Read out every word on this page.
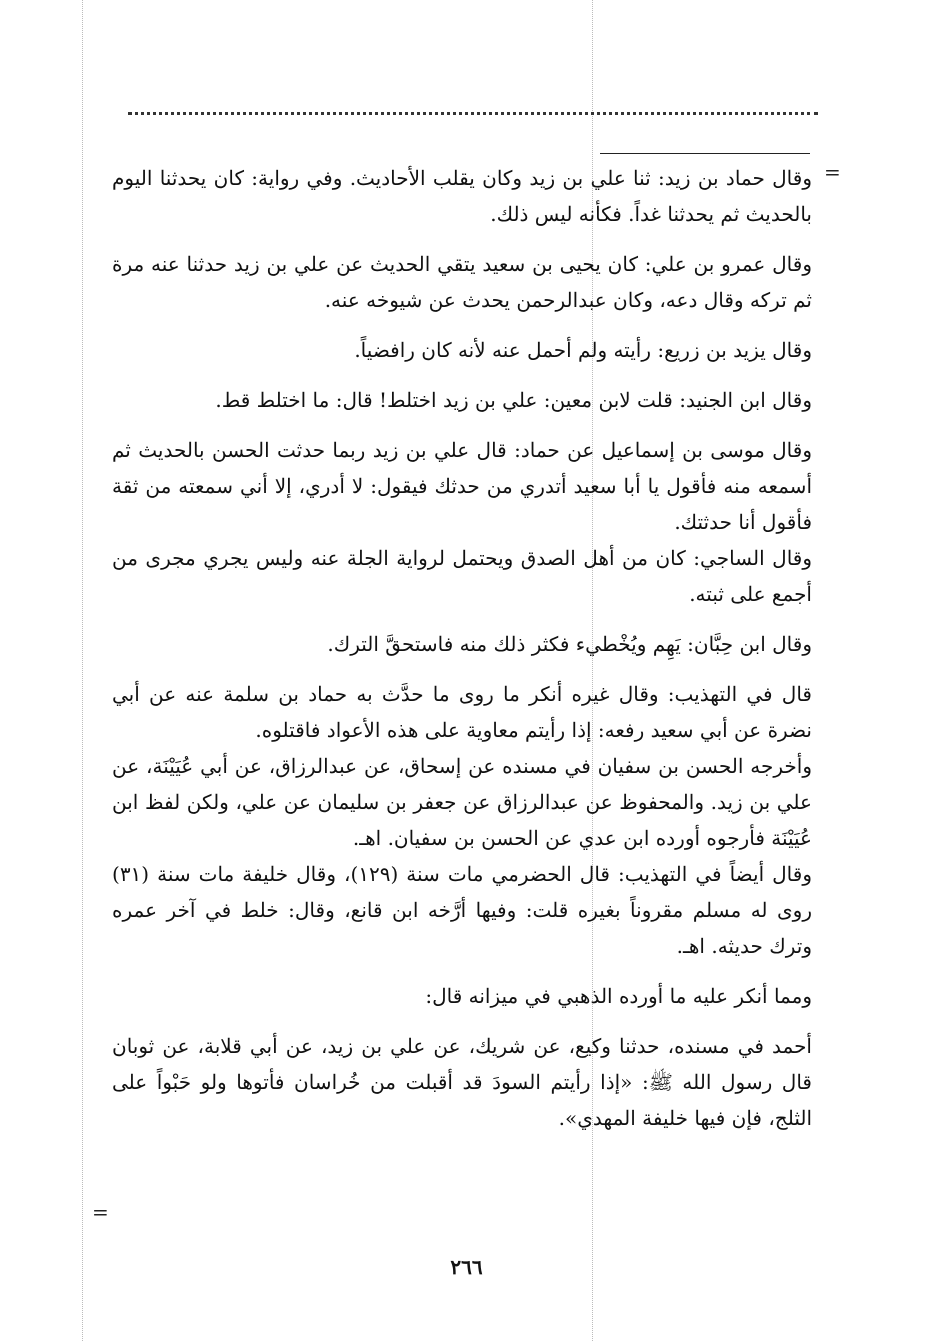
=
=

وقال حماد بن زيد: ثنا علي بن زيد وكان يقلب الأحاديث. وفي رواية: كان يحدثنا اليوم بالحديث ثم يحدثنا غداً. فكأنه ليس ذلك.

وقال عمرو بن علي: كان يحيى بن سعيد يتقي الحديث عن علي بن زيد حدثنا عنه مرة ثم تركه وقال دعه، وكان عبدالرحمن يحدث عن شيوخه عنه.

وقال يزيد بن زريع: رأيته ولم أحمل عنه لأنه كان رافضياً.

وقال ابن الجنيد: قلت لابن معين: علي بن زيد اختلط! قال: ما اختلط قط.

وقال موسى بن إسماعيل عن حماد: قال علي بن زيد ربما حدثت الحسن بالحديث ثم أسمعه منه فأقول يا أبا سعيد أتدري من حدثك فيقول: لا أدري، إلا أني سمعته من ثقة فأقول أنا حدثتك.

وقال الساجي: كان من أهل الصدق ويحتمل لرواية الجلة عنه وليس يجري مجرى من أجمع على ثبته.

وقال ابن حِبَّان: يَهِم ويُخْطيء فكثر ذلك منه فاستحقَّ الترك.

قال في التهذيب: وقال غيره أنكر ما روى ما حدَّث به حماد بن سلمة عنه عن أبي نضرة عن أبي سعيد رفعه: إذا رأيتم معاوية على هذه الأعواد فاقتلوه.

وأخرجه الحسن بن سفيان في مسنده عن إسحاق، عن عبدالرزاق، عن أبي عُيَيْنَة، عن علي بن زيد. والمحفوظ عن عبدالرزاق عن جعفر بن سليمان عن علي، ولكن لفظ ابن عُيَيْنَة فأرجوه أورده ابن عدي عن الحسن بن سفيان. اهـ.

وقال أيضاً في التهذيب: قال الحضرمي مات سنة (١٢٩)، وقال خليفة مات سنة (٣١) روى له مسلم مقروناً بغيره قلت: وفيها أرَّخه ابن قانع، وقال: خلط في آخر عمره وترك حديثه. اهـ.

ومما أنكر عليه ما أورده الذهبي في ميزانه قال:

أحمد في مسنده، حدثنا وكيع، عن شريك، عن علي بن زيد، عن أبي قلابة، عن ثوبان قال رسول الله ﷺ: «إذا رأيتم السودَ قد أقبلت من خُراسان فأتوها ولو حَبْواً على الثلج، فإن فيها خليفة المهدي».

٢٦٦
